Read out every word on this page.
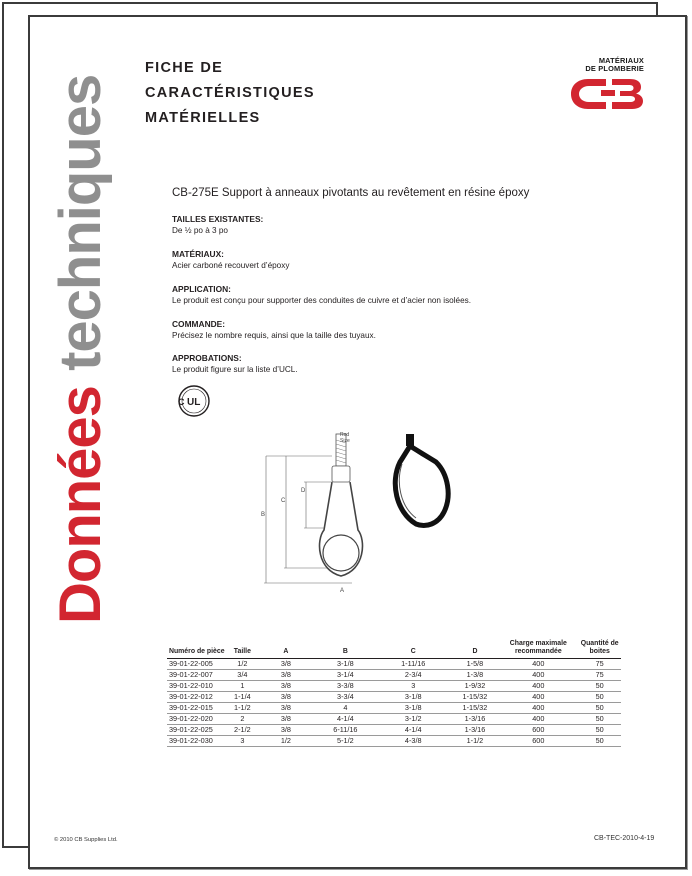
Données techniques
FICHE DE
CARACTÉRISTIQUES
MATÉRIELLES
MATÉRIAUX
DE PLOMBERIE
CB-275E Support à anneaux pivotants au revêtement en résine époxy
TAILLES EXISTANTES:
De ½ po à 3 po
MATÉRIAUX:
Acier carboné recouvert d’époxy
APPLICATION:
Le produit est conçu pour supporter des conduites de cuivre et d’acier non isolées.
COMMANDE:
Précisez le nombre requis, ainsi que la taille des tuyaux.
APPROBATIONS:
Le produit figure sur la liste d’UCL.
C UL
Rod
Size
B
C
D
A
Numéro de pièce	Taille	A	B	C	D	Charge maximale recommandée	Quantité de boites
39-01-22-005	1/2	3/8	3-1/8	1-11/16	1-5/8	400	75
39-01-22-007	3/4	3/8	3-1/4	2-3/4	1-3/8	400	75
39-01-22-010	1	3/8	3-3/8	3	1-9/32	400	50
39-01-22-012	1-1/4	3/8	3-3/4	3-1/8	1-15/32	400	50
39-01-22-015	1-1/2	3/8	4	3-1/8	1-15/32	400	50
39-01-22-020	2	3/8	4-1/4	3-1/2	1-3/16	400	50
39-01-22-025	2-1/2	3/8	6-11/16	4-1/4	1-3/16	600	50
39-01-22-030	3	1/2	5-1/2	4-3/8	1-1/2	600	50
© 2010 CB Supplies Ltd.	CB-TEC-2010-4-19
